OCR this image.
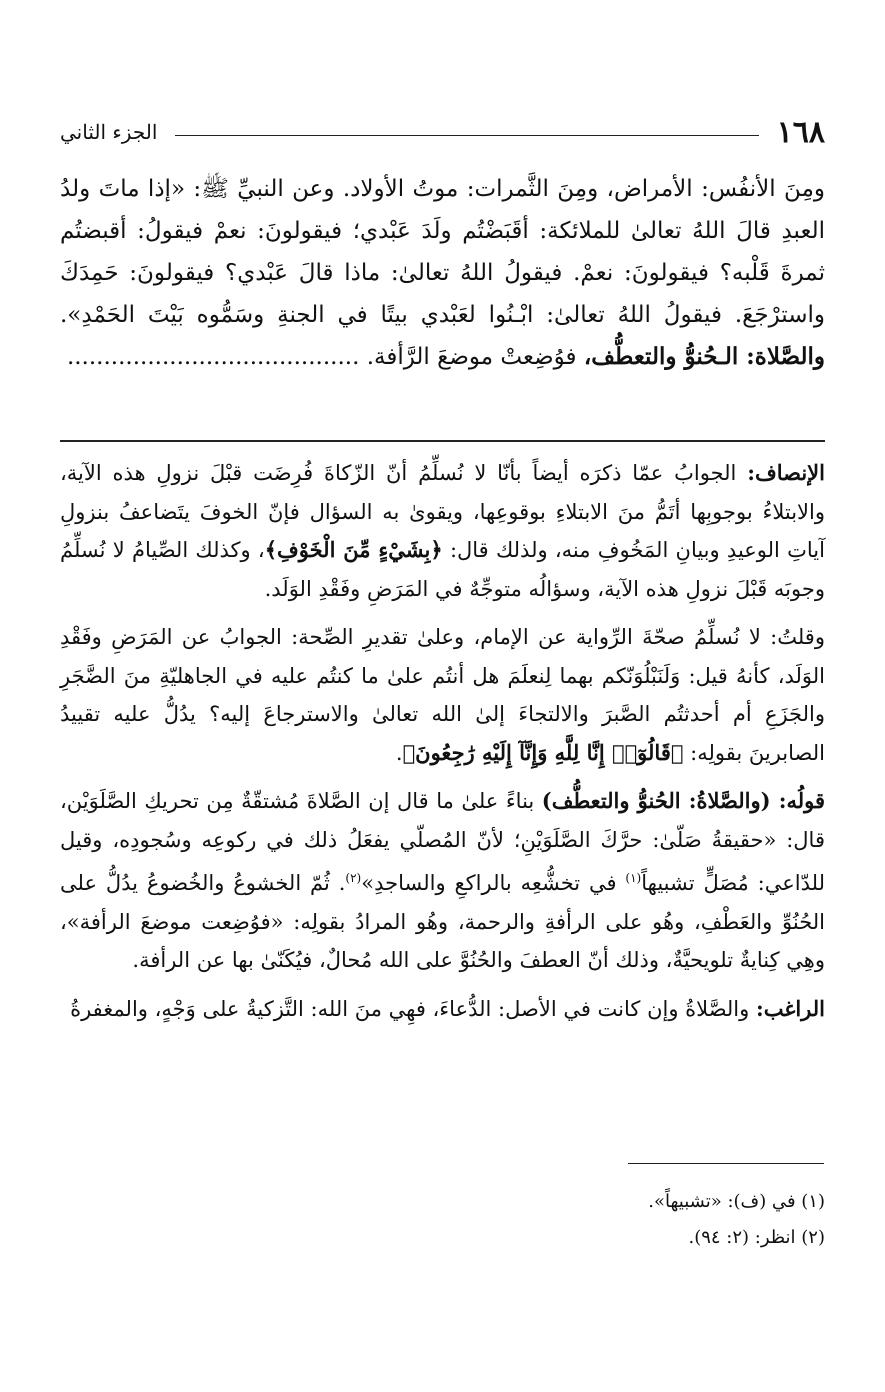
١٦٨
الجزء الثاني

ومِنَ الأنفُس: الأمراض، ومِنَ الثَّمرات: موتُ الأولاد. وعن النبيِّ ﷺ: «إذا ماتَ ولدُ العبدِ قالَ اللهُ تعالىٰ للملائكة: أقَبَضْتُم ولَدَ عَبْدي؛ فيقولونَ: نعمْ فيقولُ: أقبضتُم ثمرةَ قَلْبه؟ فيقولونَ: نعمْ. فيقولُ اللهُ تعالىٰ: ماذا قالَ عَبْدي؟ فيقولونَ: حَمِدَكَ واسترْجَعَ. فيقولُ اللهُ تعالىٰ: ابْـنُوا لعَبْدي بيتًا في الجنةِ وسَمُّوه بَيْتَ الحَمْدِ». والصَّلاة: الـحُنوُّ والتعطُّف، فوُضِعتْ موضعَ الرَّأفة. ........................................

الإنصاف: الجوابُ عمّا ذكرَه أيضاً بأنّا لا نُسلِّمُ أنّ الزّكاةَ فُرِضَت قبْلَ نزولِ هذه الآية، والابتلاءُ بوجوبِها أتَمُّ منَ الابتلاءِ بوقوعِها، ويقوىٰ به السؤال فإنّ الخوفَ يتَضاعفُ بنزولِ آياتِ الوعيدِ وبيانِ المَخُوفِ منه، ولذلك قال: ﴿بِشَيْءٍ مِّنَ الْخَوْفِ﴾، وكذلك الصِّيامُ لا نُسلِّمُ وجوبَه قَبْلَ نزولِ هذه الآية، وسؤالُه متوجِّهٌ في المَرَضِ وفَقْدِ الوَلَد.

وقلتُ: لا نُسلِّمُ صحّةَ الرِّواية عن الإمام، وعلىٰ تقديرِ الصِّحة: الجوابُ عن المَرَضِ وفَقْدِ الوَلَد، كأنهُ قيل: وَلَنَبْلُوَنّكم بهما لِنعلَمَ هل أنتُم علىٰ ما كنتُم عليه في الجاهليّةِ منَ الضَّجَرِ والجَزَعِ أم أحدثتُم الصَّبرَ والالتجاءَ إلىٰ الله تعالىٰ والاسترجاعَ إليه؟ يدُلُّ عليه تقييدُ الصابرينَ بقولِه: ﴿قَالُوٓا۟ إِنَّا لِلَّهِ وَإِنَّآ إِلَيْهِ رَٰجِعُونَ﴾.

قولُه: (والصَّلاةُ: الحُنوُّ والتعطُّف) بناءً علىٰ ما قال إن الصَّلاةَ مُشتقّةٌ مِن تحريكِ الصَّلَوَيْن، قال: «حقيقةُ صَلّىٰ: حرَّكَ الصَّلَوَيْنِ؛ لأنّ المُصلّي يفعَلُ ذلك في ركوعِه وسُجودِه، وقيل للدّاعي: مُصَلٍّ تشبيهاً$^{(١)}$ في تخشُّعِه بالراكعِ والساجدِ»$^{(٢)}$. ثُمّ الخشوعُ والخُضوعُ يدُلُّ على الحُنُوِّ والعَطْفِ، وهُو على الرأفةِ والرحمة، وهُو المرادُ بقولِه: «فوُضِعت موضعَ الرأفة»، وهِي كِنايةٌ تلويحيَّةٌ، وذلك أنّ العطفَ والحُنُوَّ على الله مُحالٌ، فيُكَنّىٰ بها عن الرأفة.

الراغب: والصَّلاةُ وإن كانت في الأصل: الدُّعاءَ، فهِي منَ الله: التَّزكيةُ على وَجْهٍ، والمغفرةُ

(١) في (ف): «تشبيهاً».
(٢) انظر: (٢: ٩٤).
